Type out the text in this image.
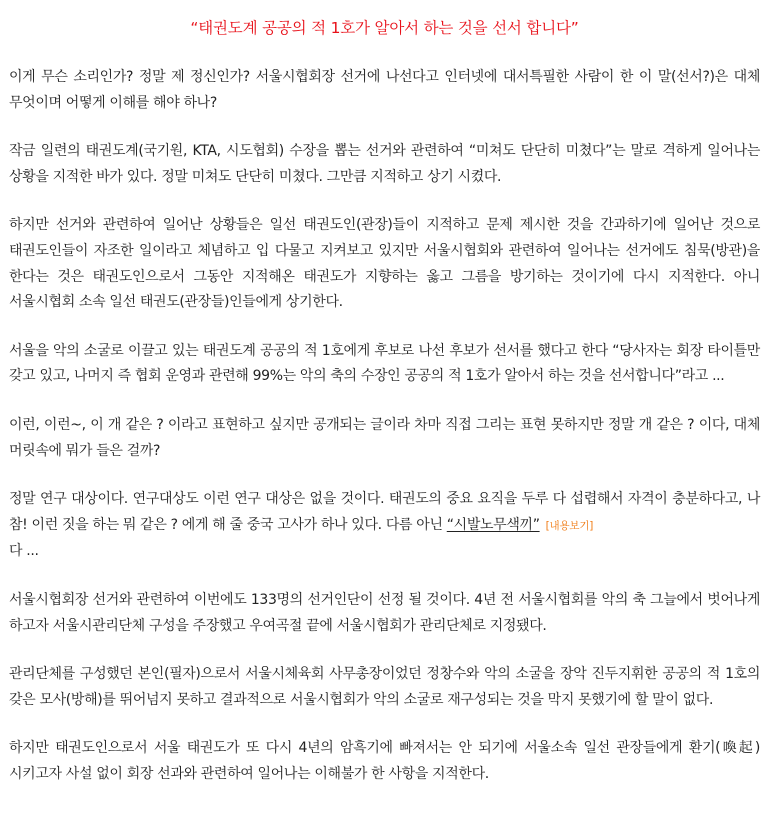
“태권도계 공공의 적 1호가 알아서 하는 것을 선서 합니다”

이게 무슨 소리인가? 정말 제 정신인가? 서울시협회장 선거에 나선다고 인터넷에 대서특필한 사람이 한 이 말(선서?)은 대체 무엇이며 어떻게 이해를 해야 하나?

작금 일련의 태권도계(국기원, KTA, 시도협회) 수장을 뽑는 선거와 관련하여 “미쳐도 단단히 미쳤다”는 말로 격하게 일어나는 상황을 지적한 바가 있다. 정말 미쳐도 단단히 미쳤다. 그만큼 지적하고 상기 시켰다.

하지만 선거와 관련하여 일어난 상황들은 일선 태권도인(관장)들이 지적하고 문제 제시한 것을 간과하기에 일어난 것으로 태권도인들이 자조한 일이라고 체념하고 입 다물고 지켜보고 있지만 서울시협회와 관련하여 일어나는 선거에도 침묵(방관)을 한다는 것은 태권도인으로서 그동안 지적해온 태권도가 지향하는 옳고 그름을 방기하는 것이기에 다시 지적한다. 아니 서울시협회 소속 일선 태권도(관장들)인들에게 상기한다.

서울을 악의 소굴로 이끌고 있는 태권도계 공공의 적 1호에게 후보로 나선 후보가 선서를 했다고 한다 “당사자는 회장 타이틀만 갖고 있고, 나머지 즉 협회 운영과 관련해 99%는 악의 축의 수장인 공공의 적 1호가 알아서 하는 것을 선서합니다”라고 ...

이런, 이런~, 이 개 같은 ? 이라고 표현하고 싶지만 공개되는 글이라 차마 직접 그리는 표현 못하지만 정말 개 같은 ? 이다, 대체 머릿속에 뭐가 들은 걸까?

정말 연구 대상이다. 연구대상도 이런 연구 대상은 없을 것이다. 태권도의 중요 요직을 두루 다 섭렵해서 자격이 충분하다고, 나 참! 이런 짓을 하는 뭐 같은 ? 에게 해 줄 중국 고사가 하나 있다. 다름 아닌 “시발노무색끼” [내용보기]
다 ...

서울시협회장 선거와 관련하여 이번에도 133명의 선거인단이 선정 될 것이다. 4년 전 서울시협회를 악의 축 그늘에서 벗어나게 하고자 서울시관리단체 구성을 주장했고 우여곡절 끝에 서울시협회가 관리단체로 지정됐다.

관리단체를 구성했던 본인(필자)으로서 서울시체육회 사무총장이었던 정창수와 악의 소굴을 장악 진두지휘한 공공의 적 1호의 갖은 모사(방해)를 뛰어넘지 못하고 결과적으로 서울시협회가 악의 소굴로 재구성되는 것을 막지 못했기에 할 말이 없다.

하지만 태권도인으로서 서울 태권도가 또 다시 4년의 암흑기에 빠져서는 안 되기에 서울소속 일선 관장들에게 환기(喚起) 시키고자 사설 없이 회장 선과와 관련하여 일어나는 이해불가 한 사항을 지적한다.
